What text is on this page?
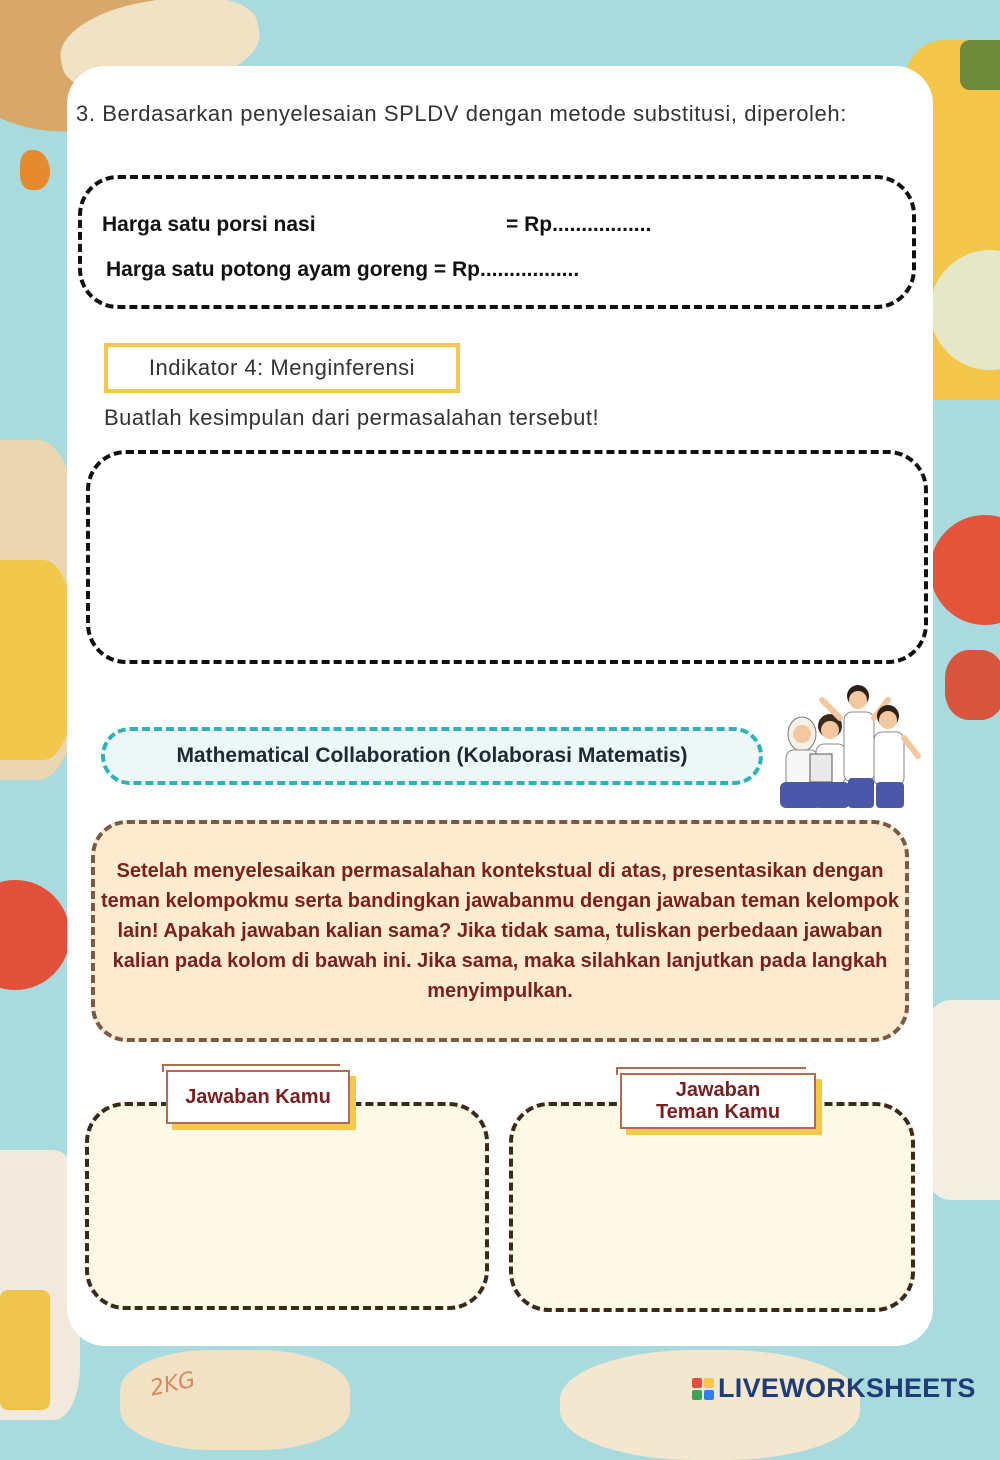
2KG
3. Berdasarkan penyelesaian SPLDV dengan metode substitusi, diperoleh:
Harga satu porsi nasi	= Rp.................
Harga satu potong ayam goreng = Rp.................
Indikator 4: Menginferensi
Buatlah kesimpulan dari permasalahan tersebut!
Mathematical Collaboration (Kolaborasi Matematis)
Setelah menyelesaikan permasalahan kontekstual di atas, presentasikan dengan teman kelompokmu serta bandingkan jawabanmu dengan jawaban teman kelompok lain! Apakah jawaban kalian sama? Jika tidak sama, tuliskan perbedaan jawaban kalian pada kolom di bawah ini. Jika sama, maka silahkan lanjutkan pada langkah menyimpulkan.
Jawaban Kamu	Jawaban Teman Kamu
LIVEWORKSHEETS
